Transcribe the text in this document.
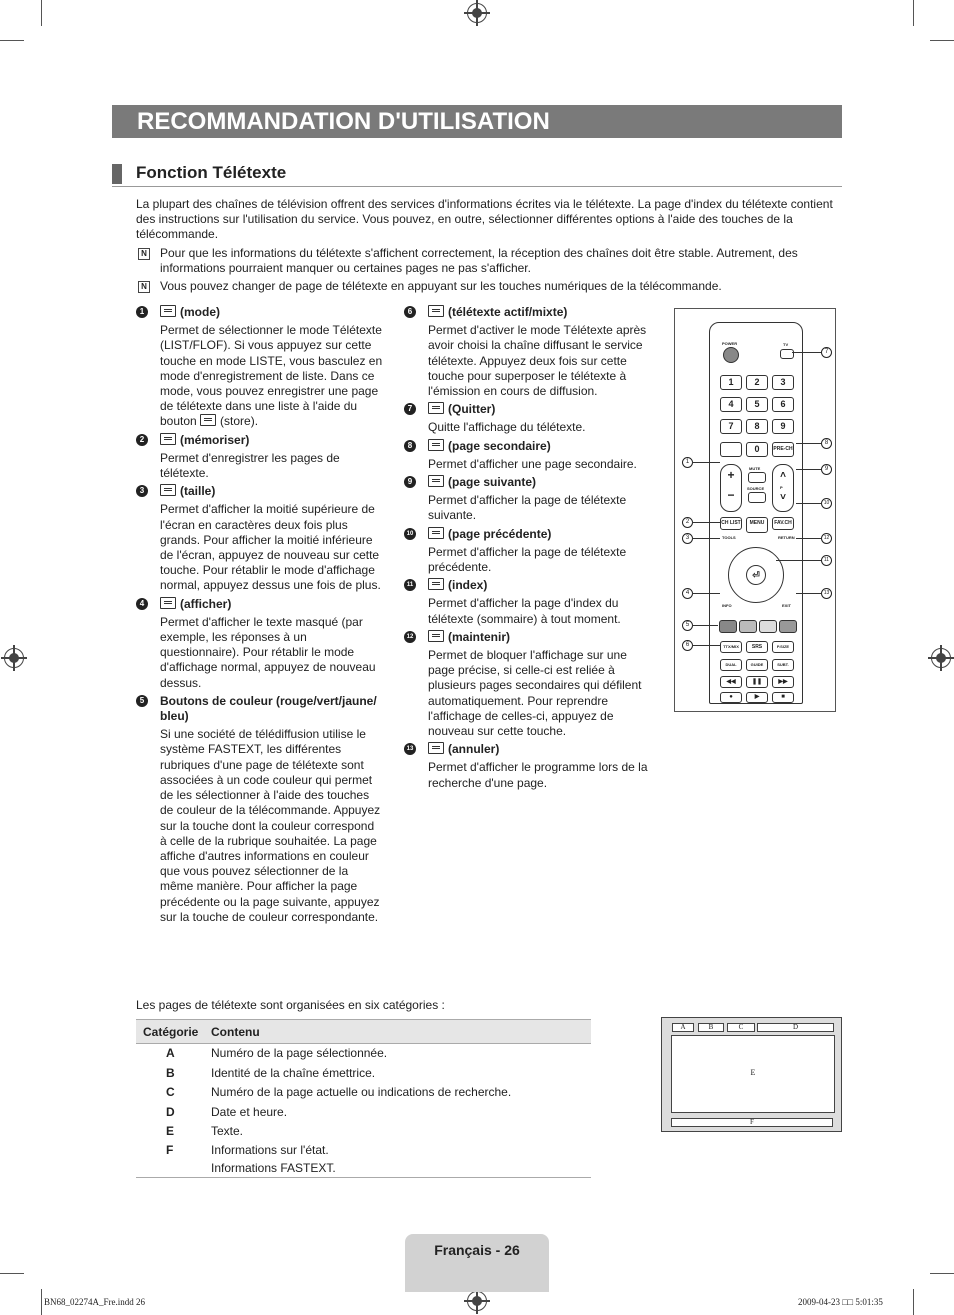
RECOMMANDATION D'UTILISATION
Fonction Télétexte
La plupart des chaînes de télévision offrent des services d'informations écrites via le télétexte. La page d'index du télétexte contient des instructions sur l'utilisation du service. Vous pouvez, en outre, sélectionner différentes options à l'aide des touches de la télécommande.
N Pour que les informations du télétexte s'affichent correctement, la réception des chaînes doit être stable. Autrement, des informations pourraient manquer ou certaines pages ne pas s'afficher.
N Vous pouvez changer de page de télétexte en appuyant sur les touches numériques de la télécommande.
1	(mode)
Permet de sélectionner le mode Télétexte (LIST/FLOF). Si vous appuyez sur cette touche en mode LISTE, vous basculez en mode d'enregistrement de liste. Dans ce mode, vous pouvez enregistrer une page de télétexte dans une liste à l'aide du bouton (store).
2	(mémoriser)
Permet d'enregistrer les pages de télétexte.
3	(taille)
Permet d'afficher la moitié supérieure de l'écran en caractères deux fois plus grands. Pour afficher la moitié inférieure de l'écran, appuyez de nouveau sur cette touche. Pour rétablir le mode d'affichage normal, appuyez dessus une fois de plus.
4	(afficher)
Permet d'afficher le texte masqué (par exemple, les réponses à un questionnaire). Pour rétablir le mode d'affichage normal, appuyez de nouveau dessus.
5	Boutons de couleur (rouge/vert/jaune/ bleu)
Si une société de télédiffusion utilise le système FASTEXT, les différentes rubriques d'une page de télétexte sont associées à un code couleur qui permet de les sélectionner à l'aide des touches de couleur de la télécommande. Appuyez sur la touche dont la couleur correspond à celle de la rubrique souhaitée. La page affiche d'autres informations en couleur que vous pouvez sélectionner de la même manière. Pour afficher la page précédente ou la page suivante, appuyez sur la touche de couleur correspondante.
6	(télétexte actif/mixte)
Permet d'activer le mode Télétexte après avoir choisi la chaîne diffusant le service télétexte. Appuyez deux fois sur cette touche pour superposer le télétexte à l'émission en cours de diffusion.
7	(Quitter)
Quitte l'affichage du télétexte.
8	(page secondaire)
Permet d'afficher une page secondaire.
9	(page suivante)
Permet d'afficher la page de télétexte suivante.
10	(page précédente)
Permet d'afficher la page de télétexte précédente.
11	(index)
Permet d'afficher la page d'index du télétexte (sommaire) à tout moment.
12	(maintenir)
Permet de bloquer l'affichage sur une page précise, si celle-ci est reliée à plusieurs pages secondaires qui défilent automatiquement. Pour reprendre l'affichage de celles-ci, appuyez de nouveau sur cette touche.
13	(annuler)
Permet d'afficher le programme lors de la recherche d'une page.
POWER	TV
1	2	3
4	5	6
7	8	9
0	PRE-CH
+
−
MUTE
SOURCE
˄
˅
P
CH LIST	MENU	FAV.CH
TOOLS	RETURN
⏎
INFO	EXIT
TTX/MIX	SRS	P.SIZE
DUAL	GUIDE	SUBT.
◀◀	❚❚	▶▶
●	▶	■
1
2
3
4
5
6
7
8
9
10
12
11
13
Les pages de télétexte sont organisées en six catégories :
Catégorie Contenu
A	Numéro de la page sélectionnée.
B	Identité de la chaîne émettrice.
C	Numéro de la page actuelle ou indications de recherche.
D	Date et heure.
E	Texte.
F	Informations sur l'état.
Informations FASTEXT.
A	B	C	D
E
F
Français - 26
BN68_02274A_Fre.indd 26	2009-04-23 □□ 5:01:35
